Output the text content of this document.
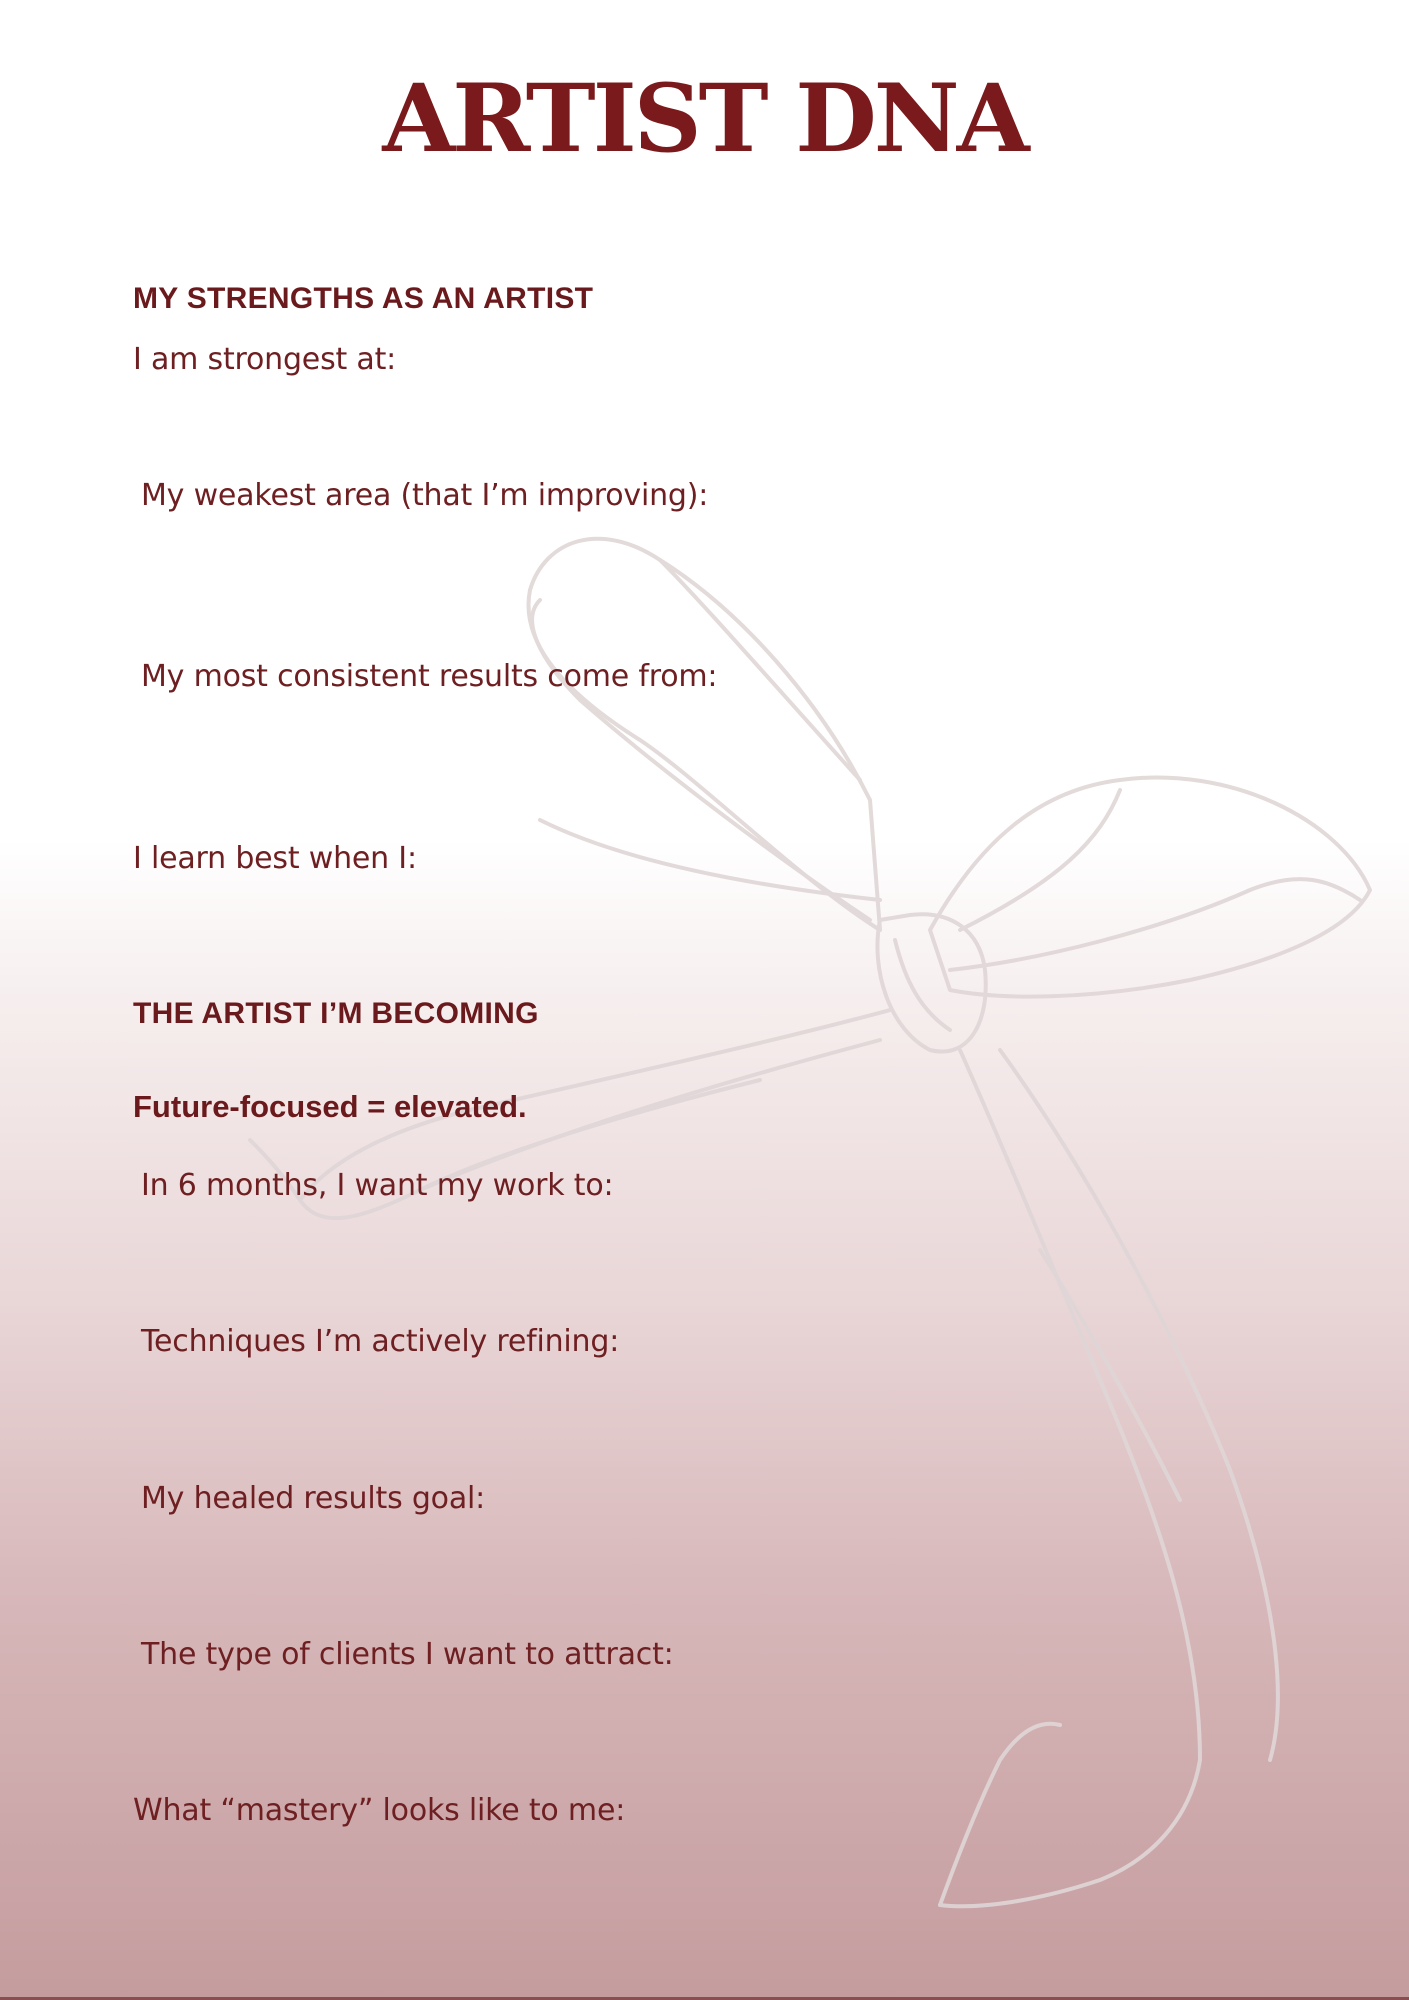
ARTIST DNA
MY STRENGTHS AS AN ARTIST

I am strongest at:

My weakest area (that I’m improving):

My most consistent results come from:

I learn best when I:

THE ARTIST I’M BECOMING

Future-focused = elevated.

In 6 months, I want my work to:

Techniques I’m actively refining:

My healed results goal:

The type of clients I want to attract:

What “mastery” looks like to me:
